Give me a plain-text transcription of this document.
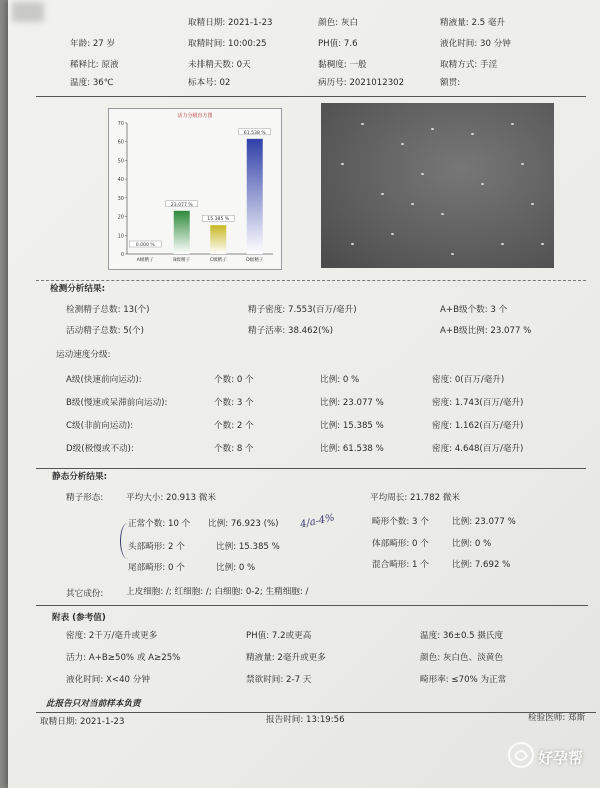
取精日期: 2021-1-23	颜色: 灰白	精液量: 2.5 毫升
年龄: 27 岁	取精时间: 10:00:25	PH值: 7.6	液化时间: 30 分钟
稀释比: 原液	未排精天数: 0天	黏稠度: 一般	取精方式: 手淫
温度: 36℃	标本号: 02	病历号: 2021012302	额贯:
活力分级直方图
0
10
20
30
40
50
60
70
0.000 %
A级精子
23.077 %
B级精子
15.385 %
C级精子
61.538 %
D级精子
检测分析结果:
检测精子总数: 13(个)	精子密度: 7.553(百万/毫升)	A+B级个数: 3 个
活动精子总数: 5(个)	精子活率: 38.462(%)	A+B级比例: 23.077 %
运动速度分级:
A级(快速前向运动):	个数: 0 个	比例: 0 %	密度: 0(百万/毫升)
B级(慢速或呆滞前向运动):	个数: 3 个	比例: 23.077 %	密度: 1.743(百万/毫升)
C级(非前向运动):	个数: 2 个	比例: 15.385 %	密度: 1.162(百万/毫升)
D级(极慢或不动):	个数: 8 个	比例: 61.538 %	密度: 4.648(百万/毫升)
静态分析结果:
精子形态:	平均大小: 20.913 微米	平均周长: 21.782 微米
正常个数: 10 个 比例: 76.923 (%)	畸形个数: 3 个	比例: 23.077 %
头部畸形: 2 个	比例: 15.385 %	体部畸形: 0 个	比例: 0 %
尾部畸形: 0 个	比例: 0 %	混合畸形: 1 个	比例: 7.692 %
其它成份:	上皮细胞: /; 红细胞: /; 白细胞: 0-2; 生精细胞: /
4/a-4%
附表 (参考值)
密度: 2千万/毫升或更多	PH值: 7.2或更高	温度: 36±0.5 摄氏度
活力: A+B≥50% 或 A≥25%	精液量: 2毫升或更多	颜色: 灰白色、淡黄色
液化时间: X<40 分钟	禁欲时间: 2-7 天	畸形率: ≤70% 为正常
此报告只对当前样本负责
取精日期: 2021-1-23	报告时间: 13:19:56	检验医师: 郑斯
好孕帮
